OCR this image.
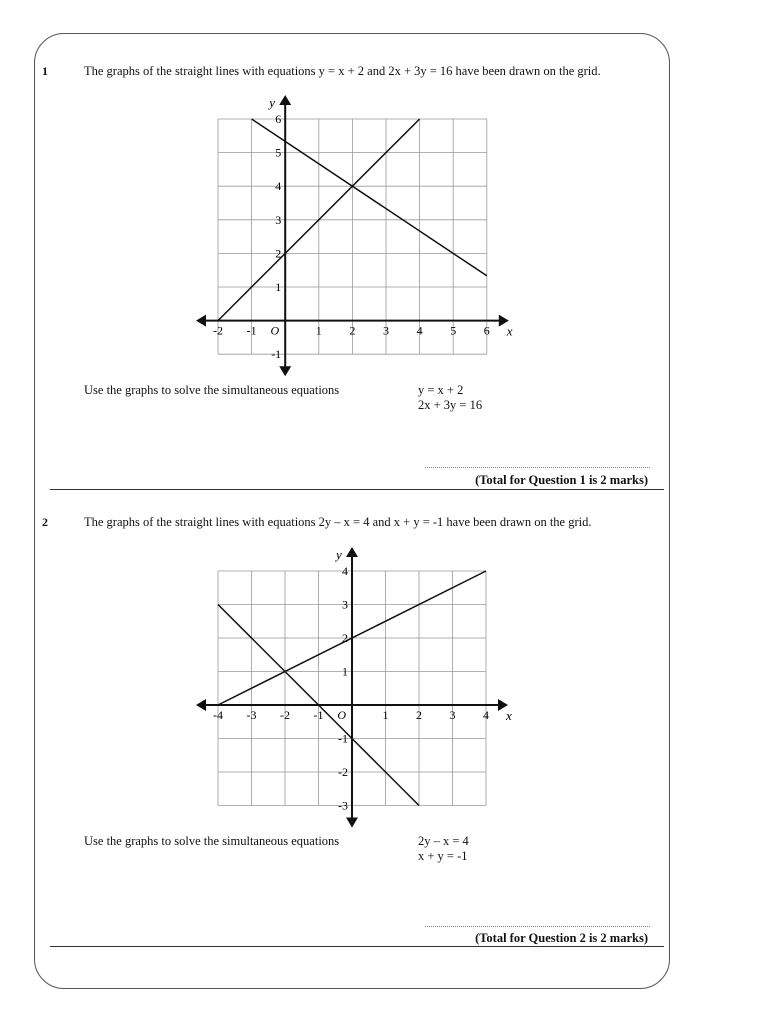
1	The graphs of the straight lines with equations y = x + 2 and 2x + 3y = 16 have been drawn on the grid.
-2 -1	1 2 3 4 5 6
-1
1
2
3
4
5
6
O	x
y
Use the graphs to solve the simultaneous equations	y = x + 2
2x + 3y = 16
(Total for Question 1 is 2 marks)
2	The graphs of the straight lines with equations 2y – x = 4 and x + y = -1 have been drawn on the grid.
-4 -3 -2 -1	1 2 3 4
-3
-2
-1
1
2
3
4
O	x
y
Use the graphs to solve the simultaneous equations	2y – x = 4
x + y = -1
(Total for Question 2 is 2 marks)
